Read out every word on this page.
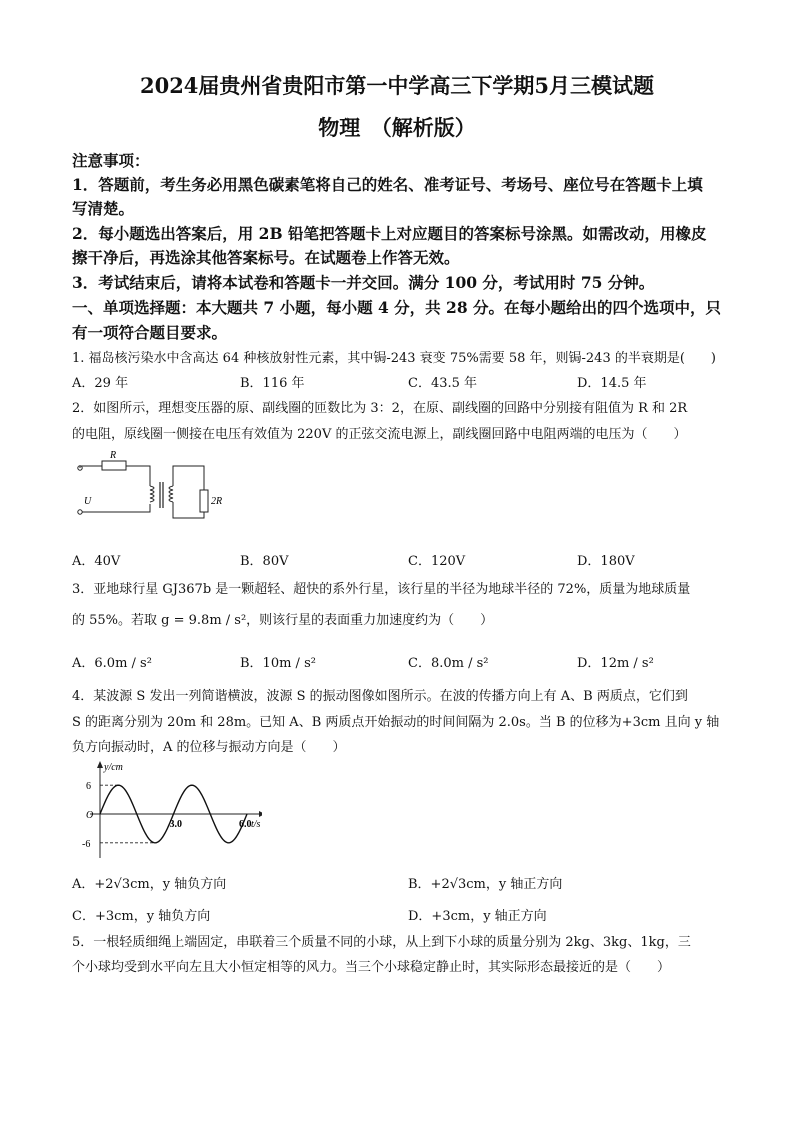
2024届贵州省贵阳市第一中学高三下学期5月三模试题
物理　（解析版）
注意事项：
1．答题前，考生务必用黑色碳素笔将自己的姓名、准考证号、考场号、座位号在答题卡上填
写清楚。
2．每小题选出答案后，用 2B 铅笔把答题卡上对应题目的答案标号涂黑。如需改动，用橡皮
擦干净后，再选涂其他答案标号。在试题卷上作答无效。
3．考试结束后，请将本试卷和答题卡一并交回。满分 100 分，考试用时 75 分钟。
一、单项选择题：本大题共 7 小题，每小题 4 分，共 28 分。在每小题给出的四个选项中，只
有一项符合题目要求。
1. 福岛核污染水中含高达 64 种核放射性元素，其中锔-243 衰变 75%需要 58 年，则锔-243 的半衰期是(　　)
A．29 年	B．116 年	C．43.5 年	D．14.5 年
2．如图所示，理想变压器的原、副线圈的匝数比为 3：2，在原、副线圈的回路中分别接有阻值为 R 和 2R
的电阻，原线圈一侧接在电压有效值为 220V 的正弦交流电源上，副线圈回路中电阻两端的电压为（　　）
R
U	2R
A．40V	B．80V	C．120V	D．180V
3．亚地球行星 GJ367b 是一颗超轻、超快的系外行星，该行星的半径为地球半径的 72%，质量为地球质量
的 55%。若取 g = 9.8m / s²，则该行星的表面重力加速度约为（　　）
A．6.0m / s²	B．10m / s²	C．8.0m / s²	D．12m / s²
4．某波源 S 发出一列简谐横波，波源 S 的振动图像如图所示。在波的传播方向上有 A、B 两质点，它们到
S 的距离分别为 20m 和 28m。已知 A、B 两质点开始振动的时间间隔为 2.0s。当 B 的位移为+3cm 且向 y 轴
负方向振动时，A 的位移与振动方向是（　　）
y/cm
6
-6
O
3.0	6.0 t/s
A．+2√3cm，y 轴负方向	B．+2√3cm，y 轴正方向
C．+3cm，y 轴负方向	D．+3cm，y 轴正方向
5．一根轻质细绳上端固定，串联着三个质量不同的小球，从上到下小球的质量分别为 2kg、3kg、1kg，三
个小球均受到水平向左且大小恒定相等的风力。当三个小球稳定静止时，其实际形态最接近的是（　　）
